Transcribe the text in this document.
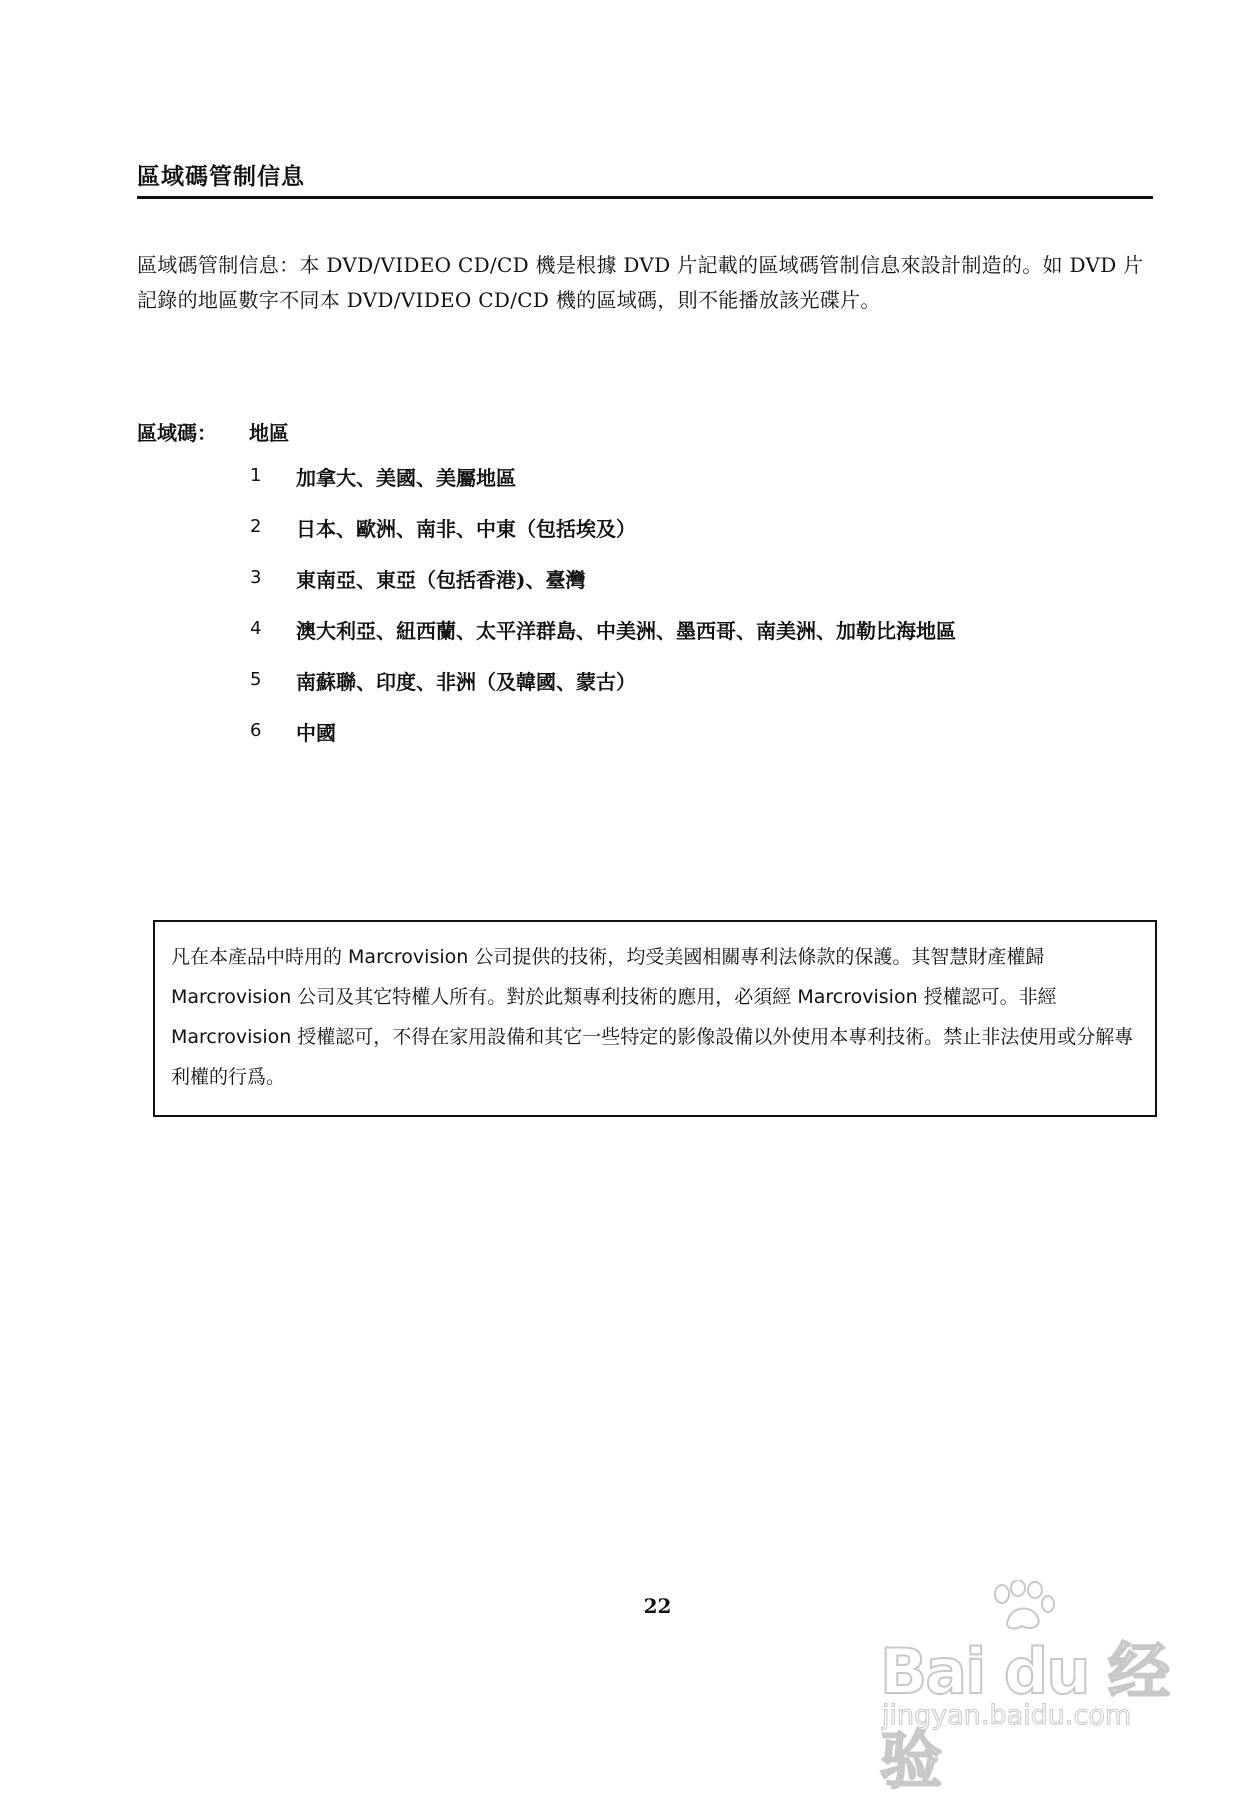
區域碼管制信息

區域碼管制信息：本 DVD/VIDEO CD/CD 機是根據 DVD 片記載的區域碼管制信息來設計制造的。如 DVD 片記錄的地區數字不同本 DVD/VIDEO CD/CD 機的區域碼，則不能播放該光碟片。

區域碼： 地區
1	加拿大、美國、美屬地區
2	日本、歐洲、南非、中東（包括埃及）
3	東南亞、東亞（包括香港)、臺灣
4	澳大利亞、紐西蘭、太平洋群島、中美洲、墨西哥、南美洲、加勒比海地區
5	南蘇聯、印度、非洲（及韓國、蒙古）
6	中國
凡在本產品中時用的 Marcrovision 公司提供的技術，均受美國相關專利法條款的保護。其智慧財產權歸 Marcrovision 公司及其它特權人所有。對於此類專利技術的應用，必須經 Marcrovision 授權認可。非經 Marcrovision 授權認可，不得在家用設備和其它一些特定的影像設備以外使用本專利技術。禁止非法使用或分解專利權的行爲。
22
Bai du 经验
jingyan.baidu.com
